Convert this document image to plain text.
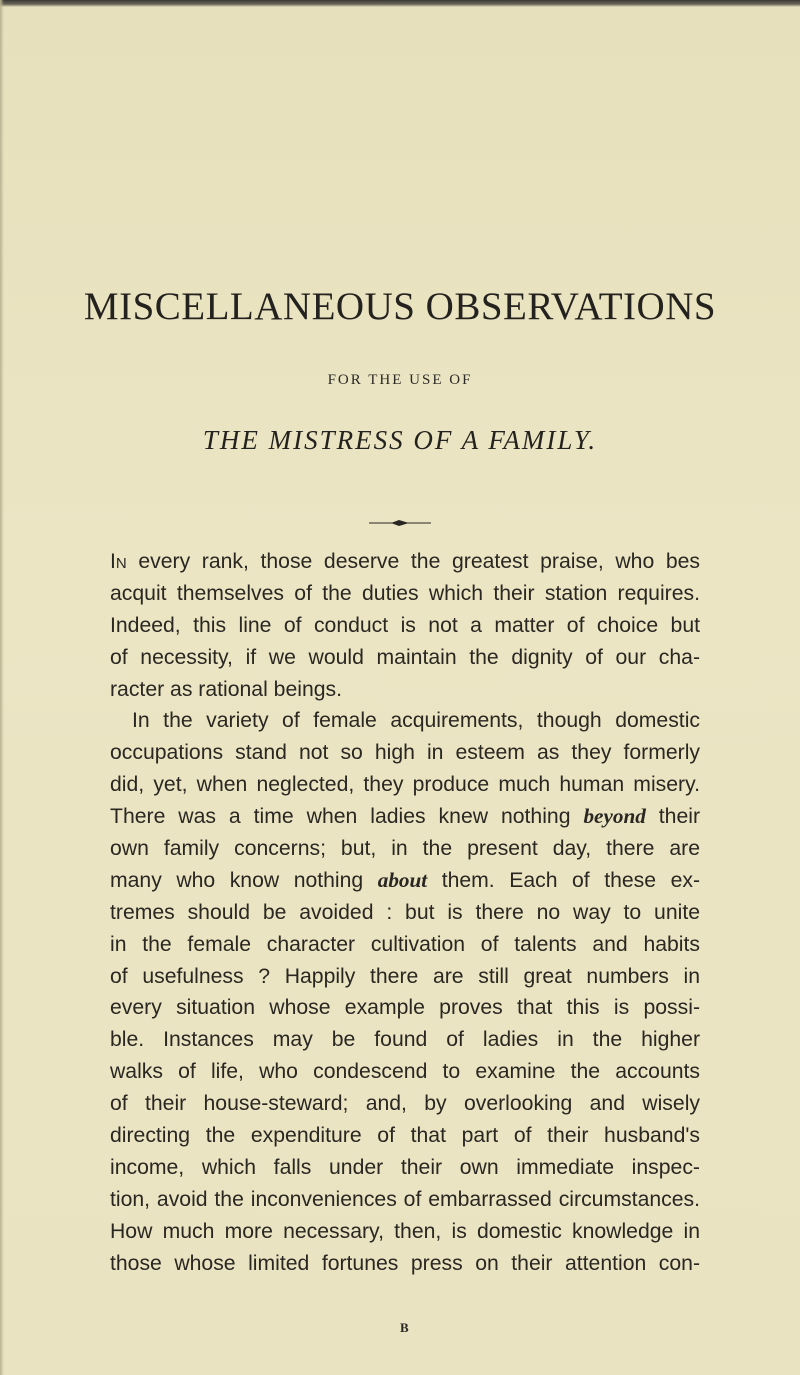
MISCELLANEOUS OBSERVATIONS
FOR THE USE OF
THE MISTRESS OF A FAMILY.
In every rank, those deserve the greatest praise, who bes
acquit themselves of the duties which their station requires.
Indeed, this line of conduct is not a matter of choice but
of necessity, if we would maintain the dignity of our cha-
racter as rational beings.
In the variety of female acquirements, though domestic
occupations stand not so high in esteem as they formerly
did, yet, when neglected, they produce much human misery.
There was a time when ladies knew nothing beyond their
own family concerns; but, in the present day, there are
many who know nothing about them. Each of these ex-
tremes should be avoided : but is there no way to unite
in the female character cultivation of talents and habits
of usefulness ? Happily there are still great numbers in
every situation whose example proves that this is possi-
ble. Instances may be found of ladies in the higher
walks of life, who condescend to examine the accounts
of their house-steward; and, by overlooking and wisely
directing the expenditure of that part of their husband's
income, which falls under their own immediate inspec-
tion, avoid the inconveniences of embarrassed circumstances.
How much more necessary, then, is domestic knowledge in
those whose limited fortunes press on their attention con-
B
